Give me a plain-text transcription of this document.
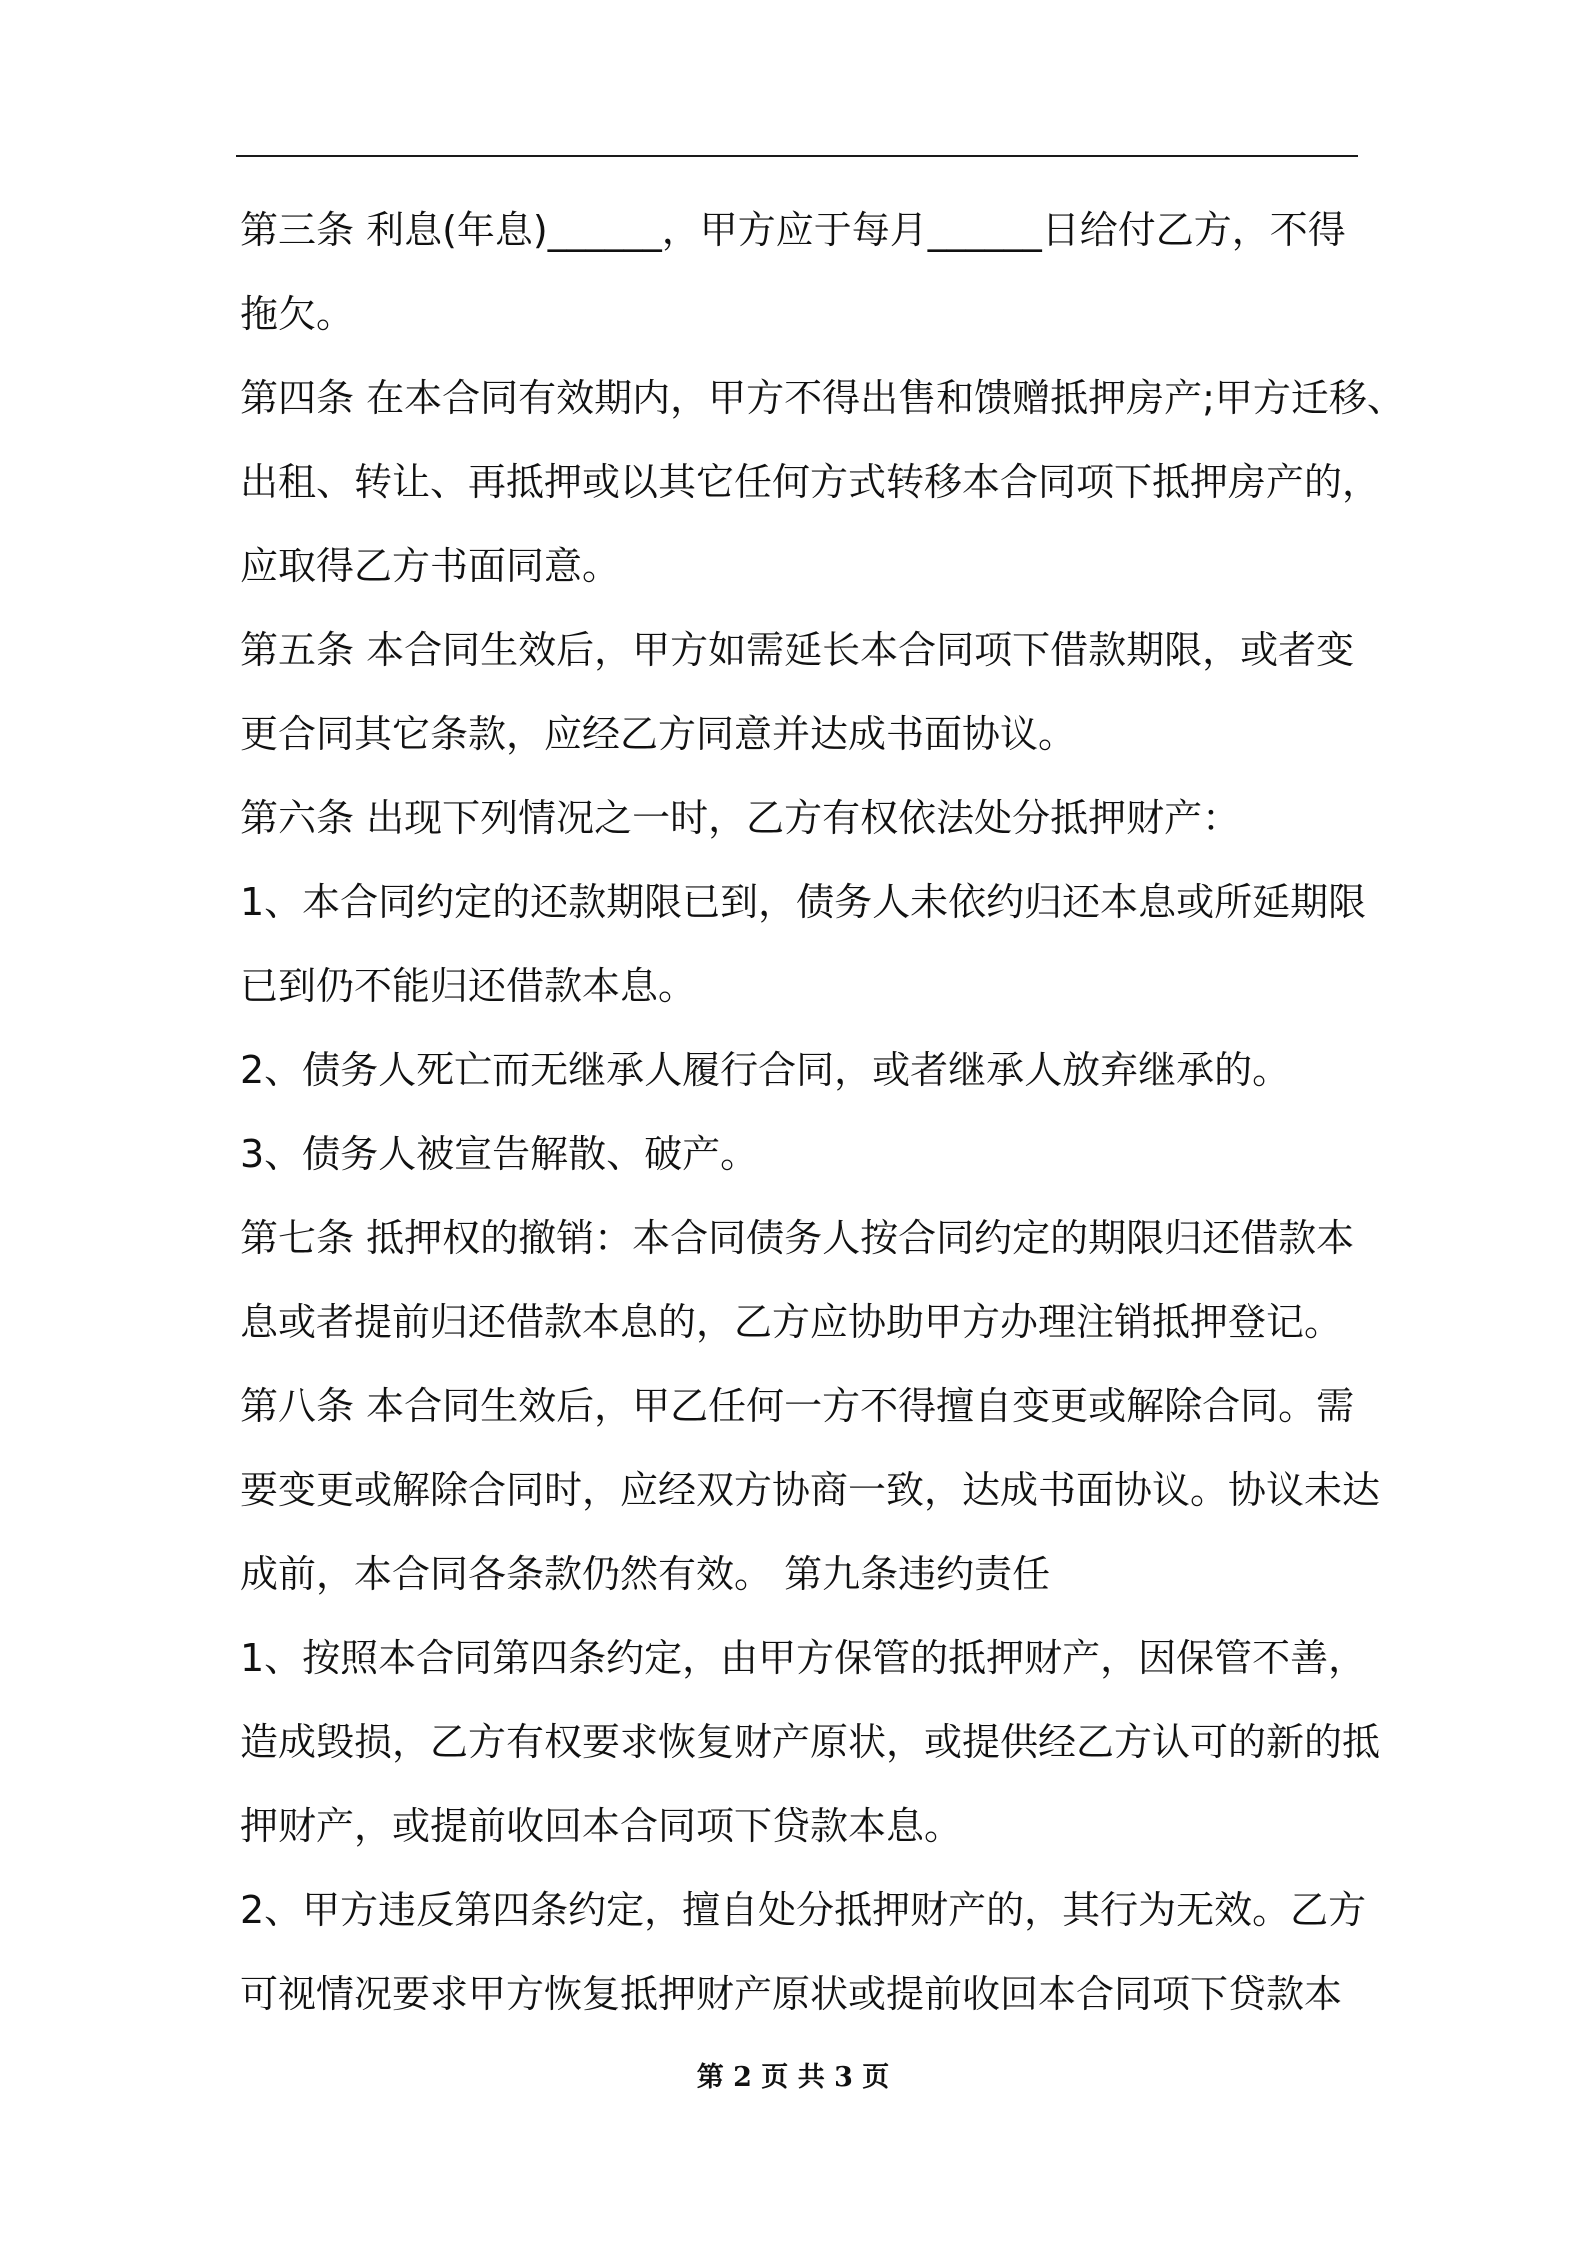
第三条 利息(年息)______，甲方应于每月______日给付乙方，不得
拖欠。
第四条 在本合同有效期内，甲方不得出售和馈赠抵押房产;甲方迁移、
出租、转让、再抵押或以其它任何方式转移本合同项下抵押房产的，
应取得乙方书面同意。
第五条 本合同生效后，甲方如需延长本合同项下借款期限，或者变
更合同其它条款，应经乙方同意并达成书面协议。
第六条 出现下列情况之一时，乙方有权依法处分抵押财产：
1、本合同约定的还款期限已到，债务人未依约归还本息或所延期限
已到仍不能归还借款本息。
2、债务人死亡而无继承人履行合同，或者继承人放弃继承的。
3、债务人被宣告解散、破产。
第七条 抵押权的撤销：本合同债务人按合同约定的期限归还借款本
息或者提前归还借款本息的，乙方应协助甲方办理注销抵押登记。
第八条 本合同生效后，甲乙任何一方不得擅自变更或解除合同。需
要变更或解除合同时，应经双方协商一致，达成书面协议。协议未达
成前，本合同各条款仍然有效。 第九条违约责任
1、按照本合同第四条约定，由甲方保管的抵押财产，因保管不善，
造成毁损，乙方有权要求恢复财产原状，或提供经乙方认可的新的抵
押财产，或提前收回本合同项下贷款本息。
2、甲方违反第四条约定，擅自处分抵押财产的，其行为无效。乙方
可视情况要求甲方恢复抵押财产原状或提前收回本合同项下贷款本
第 2 页 共 3 页
